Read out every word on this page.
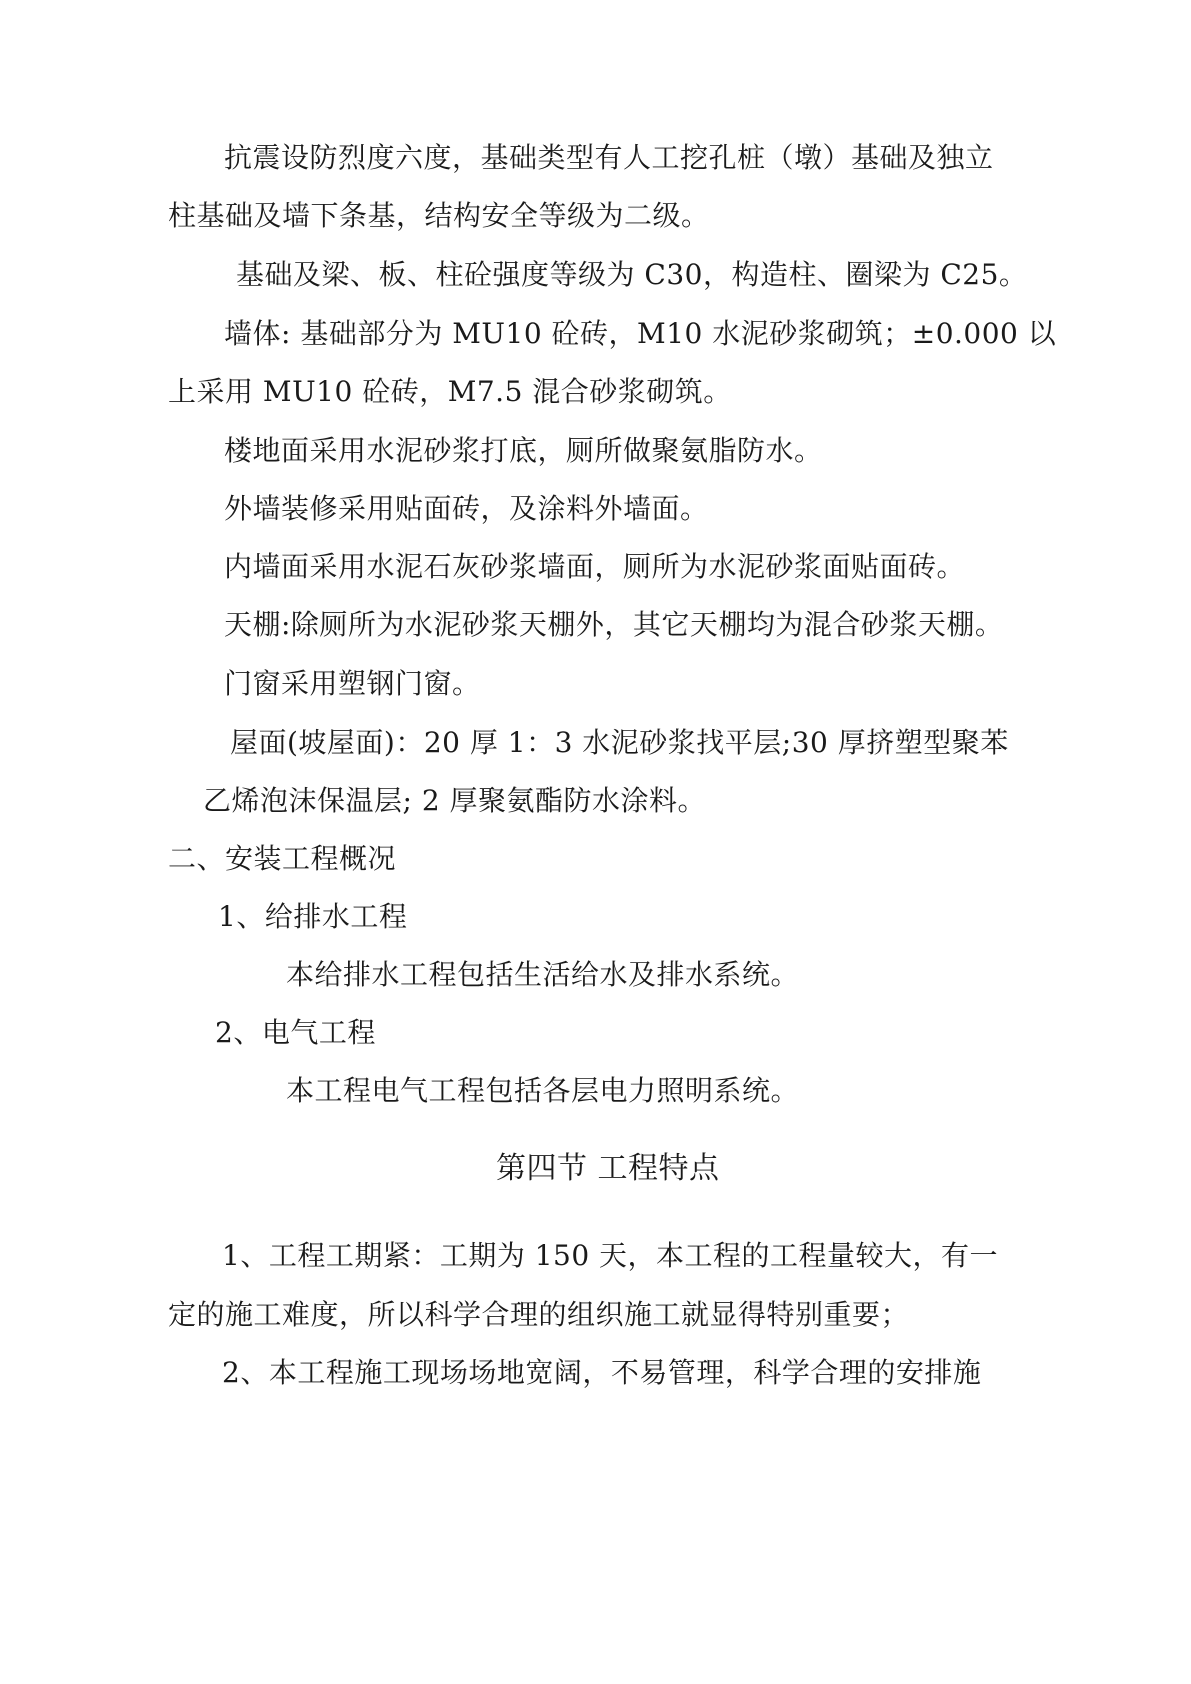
抗震设防烈度六度，基础类型有人工挖孔桩（墩）基础及独立
柱基础及墙下条基，结构安全等级为二级。
基础及梁、板、柱砼强度等级为 C30，构造柱、圈梁为 C25。
墙体: 基础部分为 MU10 砼砖，M10 水泥砂浆砌筑；±0.000 以
上采用 MU10 砼砖，M7.5 混合砂浆砌筑。
楼地面采用水泥砂浆打底，厕所做聚氨脂防水。
外墙装修采用贴面砖，及涂料外墙面。
内墙面采用水泥石灰砂浆墙面，厕所为水泥砂浆面贴面砖。
天棚:除厕所为水泥砂浆天棚外，其它天棚均为混合砂浆天棚。
门窗采用塑钢门窗。
屋面(坡屋面)：20 厚 1：3 水泥砂浆找平层;30 厚挤塑型聚苯
乙烯泡沫保温层; 2 厚聚氨酯防水涂料。
二、安装工程概况
1、给排水工程
本给排水工程包括生活给水及排水系统。
2、电气工程
本工程电气工程包括各层电力照明系统。
第四节 工程特点
1、工程工期紧：工期为 150 天，本工程的工程量较大，有一
定的施工难度，所以科学合理的组织施工就显得特别重要；
2、本工程施工现场场地宽阔，不易管理，科学合理的安排施
